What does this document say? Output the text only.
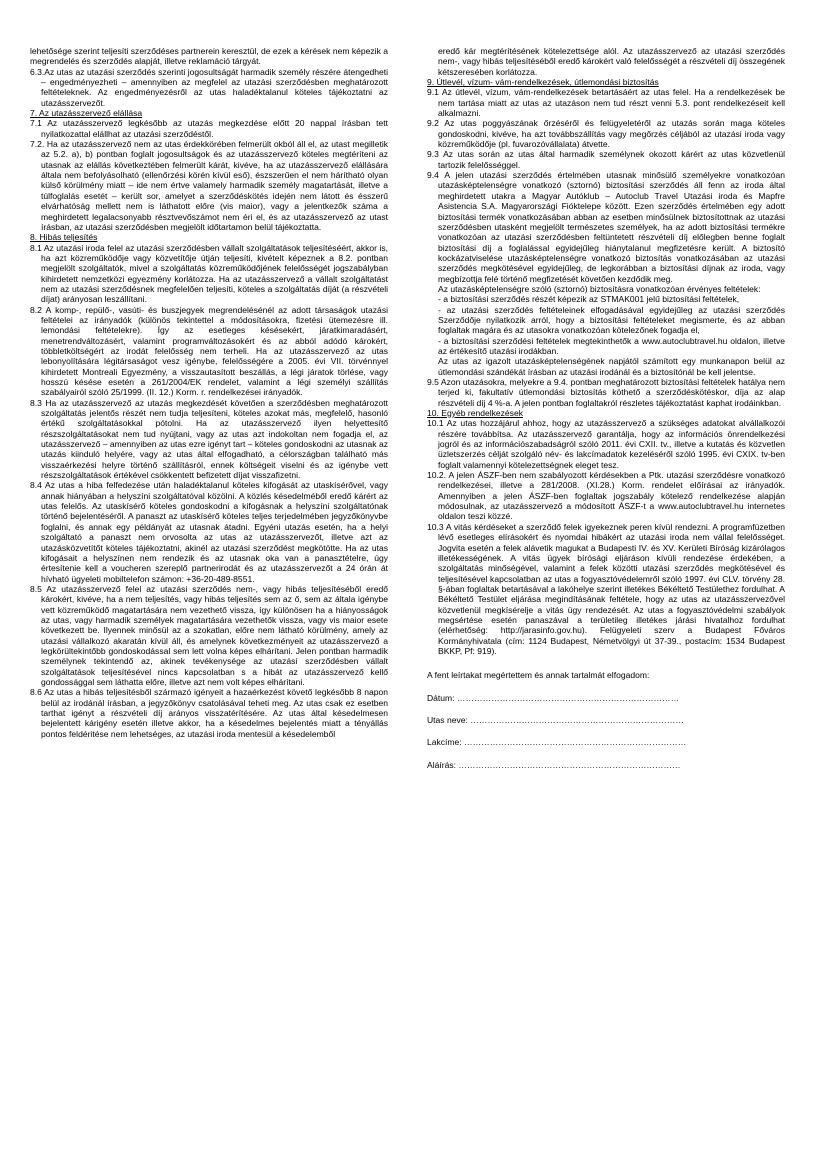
lehetősége szerint teljesíti szerződéses partnerein keresztül, de ezek a kérések nem képezik a megrendelés és szerződés alapját, illetve reklamáció tárgyát.

6.3.Az utas az utazási szerződés szerinti jogosultságát harmadik személy részére átengedheti – engedményezheti – amennyiben az megfelel az utazási szerződésben meghatározott feltételeknek. Az engedményezésről az utas haladéktalanul köteles tájékoztatni az utazásszervezőt.

7. Az utazásszervező elállása

7.1 Az utazásszervező legkésőbb az utazás megkezdése előtt 20 nappal írásban tett nyilatkozattal elállhat az utazási szerződéstől.

7.2. Ha az utazásszervező nem az utas érdekkörében felmerült okból áll el, az utast megilletik az 5.2. a), b) pontban foglalt jogosultságok és az utazásszervező köteles megtéríteni az utasnak az elállás következtében felmerült kárát, kivéve, ha az utazásszervező elállására általa nem befolyásolható (ellenőrzési körén kívül eső), észszerűen el nem hárítható olyan külső körülmény miatt – ide nem értve valamely harmadik személy magatartását, illetve a túlfoglalás esetét – került sor, amelyet a szerződéskötés idején nem látott és ésszerű elvárhatóság mellett nem is láthatott előre (vis maior), vagy a jelentkezők száma a meghirdetett legalacsonyabb résztvevőszámot nem éri el, és az utazásszervező az utast írásban, az utazási szerződésben megjelölt időtartamon belül tájékoztatta.

8. Hibás teljesítés

8.1 Az utazási iroda felel az utazási szerződésben vállalt szolgáltatások teljesítéséért, akkor is, ha azt közreműködője vagy közvetítője útján teljesíti, kivételt képeznek a 8.2. pontban megjelölt szolgáltatók, mivel a szolgáltatás közreműködőjének felelősségét jogszabályban kihirdetett nemzetközi egyezmény korlátozza. Ha az utazásszervező a vállalt szolgáltatást nem az utazási szerződésnek megfelelően teljesíti, köteles a szolgáltatás díját (a részvételi díjat) arányosan leszállítani.

8.2 A komp-, repülő-, vasúti- és buszjegyek megrendelésénél az adott társaságok utazási feltételei az irányadók (különös tekintettel a módosításokra, fizetési ütemezésre ill. lemondási feltételekre). Így az esetleges késésekért, járatkimaradásért, menetrendváltozásért, valamint programváltozásokért és az abból adódó károkért, többletköltségért az irodát felelősség nem terheli. Ha az utazásszervező az utas lebonyolítására légitársaságot vesz igénybe, felelősségére a 2005. évi VII. törvénnyel kihirdetett Montreali Egyezmény, a visszautasított beszállás, a légi járatok törlése, vagy hosszú késése esetén a 261/2004/EK rendelet, valamint a légi személyi szállítás szabályairól szóló 25/1999. (II. 12.) Korm. r. rendelkezései irányadók.

8.3 Ha az utazásszervező az utazás megkezdését követően a szerződésben meghatározott szolgáltatás jelentős részét nem tudja teljesíteni, köteles azokat más, megfelelő, hasonló értékű szolgáltatásokkal pótolni. Ha az utazásszervező ilyen helyettesítő részszolgáltatásokat nem tud nyújtani, vagy az utas azt indokoltan nem fogadja el, az utazásszervező – amennyiben az utas ezre igényt tart – köteles gondoskodni az utasnak az utazás kiinduló helyére, vagy az utas által elfogadható, a célországban található más visszaérkezési helyre történő szállításról, ennek költségeit viselni és az igénybe vett részszolgáltatások értékével csökkentett befizetett díjat visszafizetni.

8.4 Az utas a hiba felfedezése után haladéktalanul köteles kifogását az utaskísérővel, vagy annak hiányában a helyszíni szolgáltatóval közölni. A közlés késedelméből eredő kárért az utas felelős. Az utaskísérő köteles gondoskodni a kifogásnak a helyszíni szolgáltatónak történő bejelentéséről. A panaszt az utaskísérő köteles teljes terjedelmében jegyzőkönyvbe foglalni, és annak egy példányát az utasnak átadni. Egyéni utazás esetén, ha a helyi szolgáltató a panaszt nem orvosolta az utas az utazásszervezőt, illetve azt az utazásközvetítőt köteles tájékoztatni, akinél az utazási szerződést megkötötte. Ha az utas kifogásait a helyszínen nem rendezik és az utasnak oka van a panasztételre, úgy értesítenie kell a voucheren szereplő partnerirodát és az utazásszervezőt a 24 órán át hívható ügyeleti mobiltelefon számon: +36-20-489-8551.

8.5 Az utazásszervező felel az utazási szerződés nem-, vagy hibás teljesítéséből eredő károkért, kivéve, ha a nem teljesítés, vagy hibás teljesítés sem az ő, sem az általa igénybe vett közreműködő magatartására nem vezethető vissza, így különösen ha a hiányosságok az utas, vagy harmadik személyek magatartására vezethetők vissza, vagy vis maior esete következett be. Ilyennek minősül az a szokatlan, előre nem látható körülmény, amely az utazási vállalkozó akaratán kívül áll, és amelynek következményeit az utazásszervező a legkörültekintőbb gondoskodással sem lett volna képes elhárítani. Jelen pontban harmadik személynek tekintendő az, akinek tevékenysége az utazási szerződésben vállalt szolgáltatások teljesítésével nincs kapcsolatban s a hibát az utazásszervező kellő gondossággal sem láthatta előre, illetve azt nem volt képes elhárítani.

8.6 Az utas a hibás teljesítésből származó igényeit a hazaérkezést követő legkésőbb 8 napon belül az irodánál írásban, a jegyzőkönyv csatolásával teheti meg. Az utas csak ez esetben tarthat igényt a részvételi díj arányos visszatérítésére. Az utas által késedelmesen bejelentett kárigény esetén illetve akkor, ha a késedelmes bejelentés miatt a tényállás pontos feldéritése nem lehetséges, az utazási iroda mentesül a késedelemből

eredő kár megtérítésének kötelezettsége alól. Az utazásszervező az utazási szerződés nem-, vagy hibás teljesítéséből eredő károkért való felelősségét a részvételi díj összegének kétszeresében korlátozza.

9. Útlevél, vízum- vám-rendelkezések, útlemondási biztosítás

9.1 Az útlevél, vízum, vám-rendelkezések betartásáért az utas felel. Ha a rendelkezések be nem tartása miatt az utas az utazáson nem tud részt venni 5.3. pont rendelkezéseit kell alkalmazni.

9.2 Az utas poggyászának őrzéséről és felügyeletéről az utazás során maga köteles gondoskodni, kivéve, ha azt továbbszállítás vagy megőrzés céljából az utazási iroda vagy közreműködője (pl. fuvarozóvállalata) átvette.

9.3 Az utas során az utas által harmadik személynek okozott kárért az utas közvetlenül tartozik felelősséggel.

9.4 A jelen utazási szerződés értelmében utasnak minősülő személyekre vonatkozóan utazásképtelenségre vonatkozó (sztornó) biztosítási szerződés áll fenn az iroda által meghirdetett utakra a Magyar Autóklub – Autoclub Travel Utazási iroda és Mapfre Asistencia S.A. Magyarországi Fióktelepe között. Ezen szerződés értelmében egy adott biztosítási termék vonatkozásában abban az esetben minősülnek biztosítottnak az utazási szerződésben utasként megjelölt természetes személyek, ha az adott biztosítási termékre vonatkozóan az utazási szerződésben feltüntetett részvételi díj előlegben benne foglalt biztosítási díj a foglalással egyidejűleg hiánytalanul megfizetésre került. A biztosító kockázatviselése utazásképtelenségre vonatkozó biztosítás vonatkozásában az utazási szerződés megkötésével egyidejűleg, de legkorábban a biztosítási díjnak az iroda, vagy megbízottja felé történő megfizetését követően kezdődik meg.

Az utazásképtelenségre szóló (sztornó) biztosításra vonatkozóan érvényes feltételek:

- a biztosítási szerződés részét képezik az STMAK001 jelű biztosítási feltételek,

- az utazási szerződés feltételeinek elfogadásával egyidejűleg az utazási szerződés Szerződője nyilatkozik arról, hogy a biztosítási feltételeket megismerte, és az abban foglaltak magára és az utasokra vonatkozóan kötelezőnek fogadja el,

- a biztosítási szerződési feltételek megtekinthetők a www.autoclubtravel.hu oldalon, illetve az értékesítő utazási irodákban.

Az utas az igazolt utazásképtelenségének napjától számított egy munkanapon belül az útlemondási szándékát írásban az utazási irodánál és a biztosítónál be kell jelentse.

9.5 Azon utazásokra, melyekre a 9.4. pontban meghatározott biztosítási feltételek hatálya nem terjed ki, fakultatív útlemondási biztosítás köthető a szerződéskötéskor, díja az alap részvételi díj 4 %-a. A jelen pontban foglaltakról részletes tájékoztatást kaphat irodáinkban.

10. Egyéb rendelkezések

10.1 Az utas hozzájárul ahhoz, hogy az utazásszervező a szükséges adatokat alvállalkozói részére továbbítsa. Az utazásszervező garantálja, hogy az információs önrendelkezési jogról és az információszabadságról szóló 2011. évi CXII. tv., illetve a kutatás és közvetlen üzletszerzés célját szolgáló név- és lakcímadatok kezeléséről szóló 1995. évi CXIX. tv-ben foglalt valamennyi kötelezettségnek eleget tesz.

10.2. A jelen ÁSZF-ben nem szabályozott kérdésekben a Ptk. utazási szerződésre vonatkozó rendelkezései, illetve a 281/2008. (XI.28.) Korm. rendelet előírásai az irányadók. Amennyiben a jelen ÁSZF-ben foglaltak jogszabály kötelező rendelkezése alapján módosulnak, az utazásszervező a módosított ÁSZF-t a www.autoclubtravel.hu internetes oldalon teszi közzé.

10.3 A vitás kérdéseket a szerződő felek igyekeznek peren kívül rendezni. A programfüzetben lévő esetleges elírásokért és nyomdai hibákért az utazási iroda nem vállal felelősséget. Jogvita esetén a felek alávetik magukat a Budapesti IV. és XV. Kerületi Bíróság kizárólagos illetékességének. A vitás ügyek bírósági eljáráson kívüli rendezése érdekében, a szolgáltatás minőségével, valamint a felek közötti utazási szerződés megkötésével és teljesítésével kapcsolatban az utas a fogyasztóvédelemről szóló 1997. évi CLV. törvény 28. §-ában foglaltak betartásával a lakóhelye szerint illetékes Békéltető Testülethez fordulhat. A Békéltető Testület eljárása megindításának feltétele, hogy az utas az utazásszervezővel közvetlenül megkísérelje a vitás ügy rendezését. Az utas a fogyasztóvédelmi szabályok megsértése esetén panaszával a területileg illetékes járási hivatalhoz fordulhat (elérhetőség: http://jarasinfo.gov.hu). Felügyeleti szerv a Budapest Főváros Kormányhivatala (cím: 1124 Budapest, Németvölgyi út 37-39., postacím: 1534 Budapest BKKP, Pf: 919).

A fent leírtakat megértettem és annak tartalmát elfogadom:

Dátum: ……………………………………………………………………

Utas neve: …………………………………………………………………

Lakcíme: ……………………………………………………………………

Aláírás: ……………………………………………………………………
